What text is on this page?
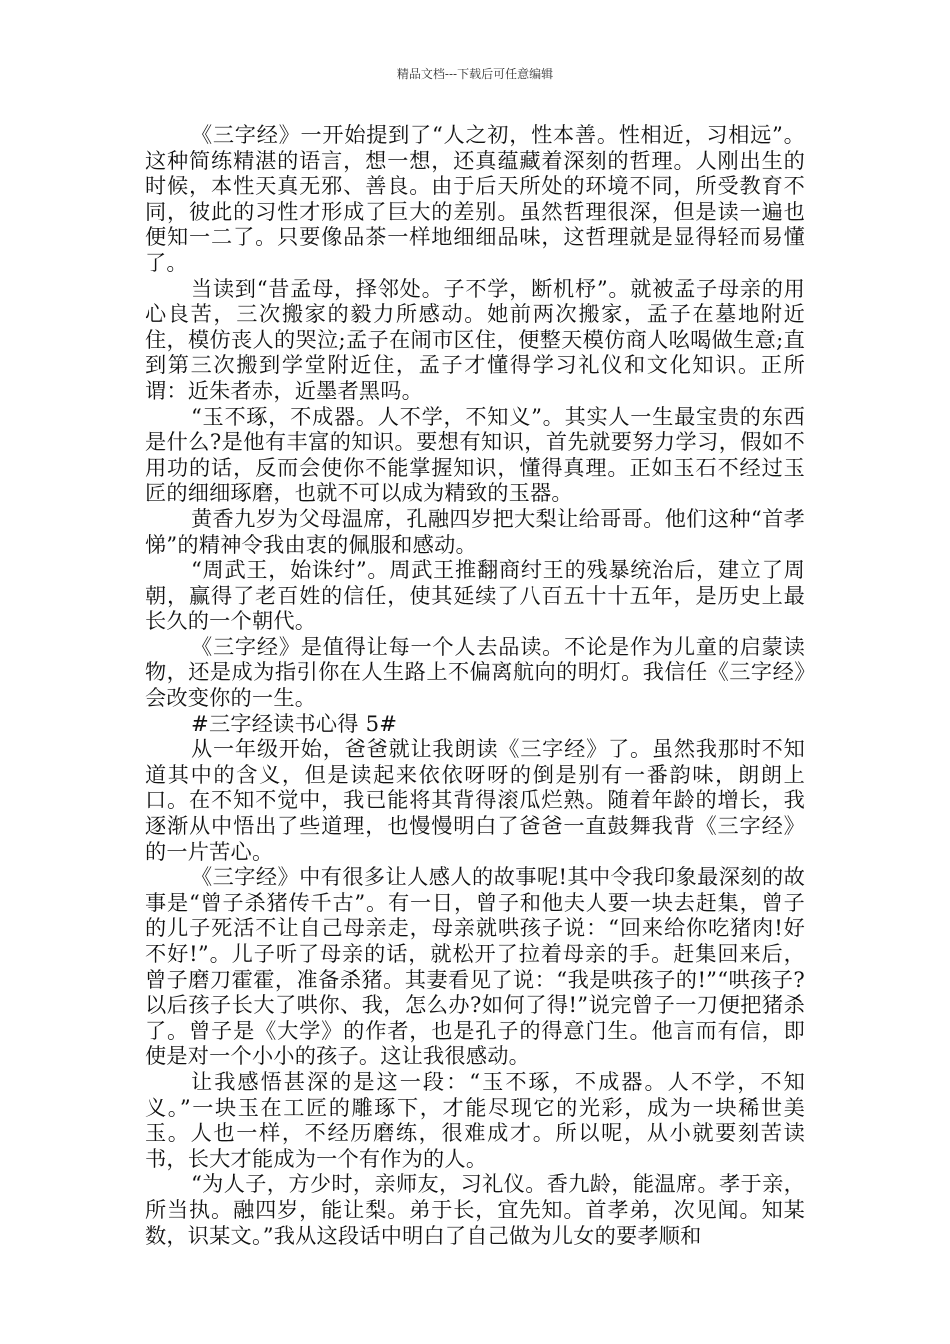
精品文档---下载后可任意编辑

《三字经》一开始提到了“人之初，性本善。性相近，习相远”。这种简练精湛的语言，想一想，还真蕴藏着深刻的哲理。人刚出生的时候，本性天真无邪、善良。由于后天所处的环境不同，所受教育不同，彼此的习性才形成了巨大的差别。虽然哲理很深，但是读一遍也便知一二了。只要像品茶一样地细细品味，这哲理就是显得轻而易懂了。

当读到“昔孟母，择邻处。子不学，断机杼”。就被孟子母亲的用心良苦，三次搬家的毅力所感动。她前两次搬家，孟子在墓地附近住，模仿丧人的哭泣;孟子在闹市区住，便整天模仿商人吆喝做生意;直到第三次搬到学堂附近住，孟子才懂得学习礼仪和文化知识。正所谓：近朱者赤，近墨者黑吗。

“玉不琢，不成器。人不学，不知义”。其实人一生最宝贵的东西是什么?是他有丰富的知识。要想有知识，首先就要努力学习，假如不用功的话，反而会使你不能掌握知识，懂得真理。正如玉石不经过玉匠的细细琢磨，也就不可以成为精致的玉器。

黄香九岁为父母温席，孔融四岁把大梨让给哥哥。他们这种“首孝悌”的精神令我由衷的佩服和感动。

“周武王，始诛纣”。周武王推翻商纣王的残暴统治后，建立了周朝，赢得了老百姓的信任，使其延续了八百五十十五年，是历史上最长久的一个朝代。

《三字经》是值得让每一个人去品读。不论是作为儿童的启蒙读物，还是成为指引你在人生路上不偏离航向的明灯。我信任《三字经》会改变你的一生。

#三字经读书心得 5#

从一年级开始，爸爸就让我朗读《三字经》了。虽然我那时不知道其中的含义，但是读起来依依呀呀的倒是别有一番韵味，朗朗上口。在不知不觉中，我已能将其背得滚瓜烂熟。随着年龄的增长，我逐渐从中悟出了些道理，也慢慢明白了爸爸一直鼓舞我背《三字经》的一片苦心。

《三字经》中有很多让人感人的故事呢!其中令我印象最深刻的故事是“曾子杀猪传千古”。有一日，曾子和他夫人要一块去赶集，曾子的儿子死活不让自己母亲走，母亲就哄孩子说：“回来给你吃猪肉!好不好!”。儿子听了母亲的话，就松开了拉着母亲的手。赶集回来后，曾子磨刀霍霍，准备杀猪。其妻看见了说：“我是哄孩子的!”“哄孩子?以后孩子长大了哄你、我，怎么办?如何了得!”说完曾子一刀便把猪杀了。曾子是《大学》的作者，也是孔子的得意门生。他言而有信，即使是对一个小小的孩子。这让我很感动。

让我感悟甚深的是这一段：“玉不琢，不成器。人不学，不知义。”一块玉在工匠的雕琢下，才能尽现它的光彩，成为一块稀世美玉。人也一样，不经历磨练，很难成才。所以呢，从小就要刻苦读书，长大才能成为一个有作为的人。

“为人子，方少时，亲师友，习礼仪。香九龄，能温席。孝于亲，所当执。融四岁，能让梨。弟于长，宜先知。首孝弟，次见闻。知某数，识某文。”我从这段话中明白了自己做为儿女的要孝顺和
